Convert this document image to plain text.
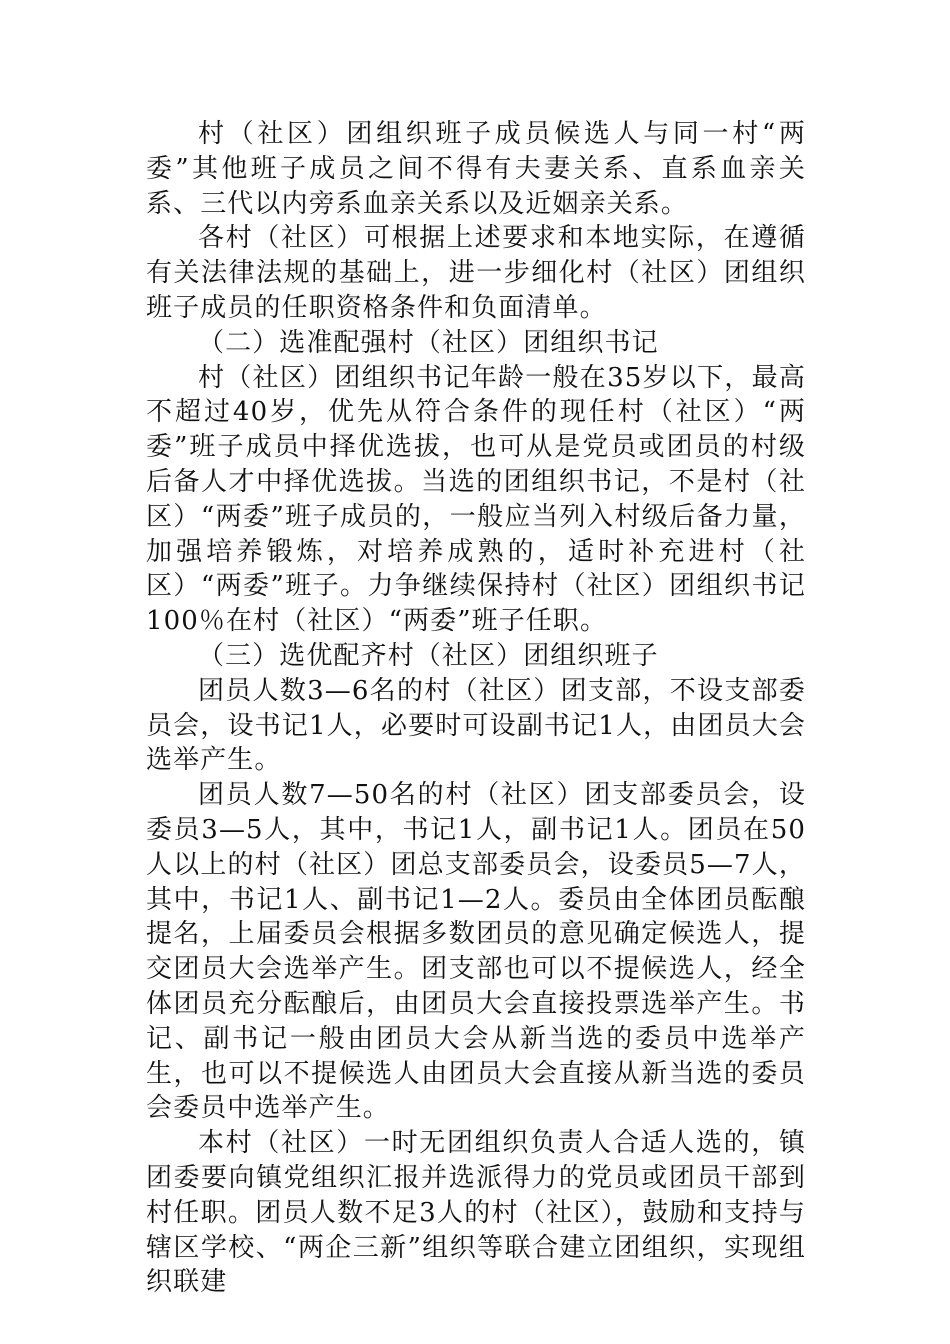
村（社区）团组织班子成员候选人与同一村“两委”其他班子成员之间不得有夫妻关系、直系血亲关系、三代以内旁系血亲关系以及近姻亲关系。

各村（社区）可根据上述要求和本地实际，在遵循有关法律法规的基础上，进一步细化村（社区）团组织班子成员的任职资格条件和负面清单。

（二）选准配强村（社区）团组织书记

村（社区）团组织书记年龄一般在35岁以下，最高不超过40岁，优先从符合条件的现任村（社区）“两委”班子成员中择优选拔，也可从是党员或团员的村级后备人才中择优选拔。当选的团组织书记，不是村（社区）“两委”班子成员的，一般应当列入村级后备力量，加强培养锻炼，对培养成熟的，适时补充进村（社区）“两委”班子。力争继续保持村（社区）团组织书记100％在村（社区）“两委”班子任职。

（三）选优配齐村（社区）团组织班子

团员人数3—6名的村（社区）团支部，不设支部委员会，设书记1人，必要时可设副书记1人，由团员大会选举产生。

团员人数7—50名的村（社区）团支部委员会，设委员3—5人，其中，书记1人，副书记1人。团员在50人以上的村（社区）团总支部委员会，设委员5—7人，其中，书记1人、副书记1—2人。委员由全体团员酝酿提名，上届委员会根据多数团员的意见确定候选人，提交团员大会选举产生。团支部也可以不提候选人，经全体团员充分酝酿后，由团员大会直接投票选举产生。书记、副书记一般由团员大会从新当选的委员中选举产生，也可以不提候选人由团员大会直接从新当选的委员会委员中选举产生。

本村（社区）一时无团组织负责人合适人选的，镇团委要向镇党组织汇报并选派得力的党员或团员干部到村任职。团员人数不足3人的村（社区），鼓励和支持与辖区学校、“两企三新”组织等联合建立团组织，实现组织联建
